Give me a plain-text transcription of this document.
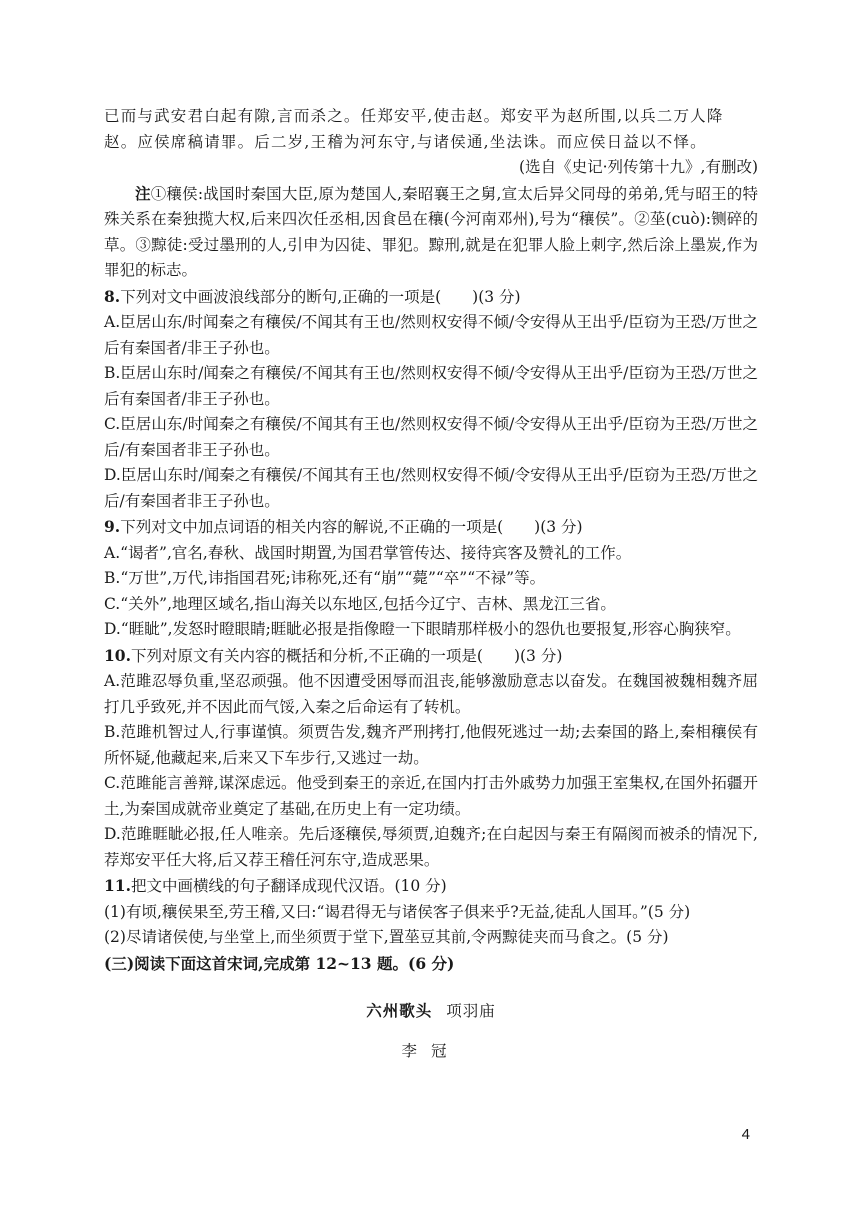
已而与武安君白起有隙,言而杀之。任郑安平,使击赵。郑安平为赵所围,以兵二万人降

赵。应侯席稿请罪。后二岁,王稽为河东守,与诸侯通,坐法诛。而应侯日益以不怿。

(选自《史记·列传第十九》,有删改)

注①穰侯:战国时秦国大臣,原为楚国人,秦昭襄王之舅,宣太后异父同母的弟弟,凭与昭王的特殊关系在秦独揽大权,后来四次任丞相,因食邑在穰(今河南邓州),号为“穰侯”。②莝(cuò):铡碎的草。③黥徒:受过墨刑的人,引申为囚徒、罪犯。黥刑,就是在犯罪人脸上刺字,然后涂上墨炭,作为罪犯的标志。

8.下列对文中画波浪线部分的断句,正确的一项是(　　)(3 分)

A.臣居山东/时闻秦之有穰侯/不闻其有王也/然则权安得不倾/令安得从王出乎/臣窃为王恐/万世之后有秦国者/非王子孙也。

B.臣居山东时/闻秦之有穰侯/不闻其有王也/然则权安得不倾/令安得从王出乎/臣窃为王恐/万世之后有秦国者/非王子孙也。

C.臣居山东/时闻秦之有穰侯/不闻其有王也/然则权安得不倾/令安得从王出乎/臣窃为王恐/万世之后/有秦国者非王子孙也。

D.臣居山东时/闻秦之有穰侯/不闻其有王也/然则权安得不倾/令安得从王出乎/臣窃为王恐/万世之后/有秦国者非王子孙也。

9.下列对文中加点词语的相关内容的解说,不正确的一项是(　　)(3 分)

A.“谒者”,官名,春秋、战国时期置,为国君掌管传达、接待宾客及赞礼的工作。

B.“万世”,万代,讳指国君死;讳称死,还有“崩”“薨”“卒”“不禄”等。

C.“关外”,地理区域名,指山海关以东地区,包括今辽宁、吉林、黑龙江三省。

D.“睚眦”,发怒时瞪眼睛;睚眦必报是指像瞪一下眼睛那样极小的怨仇也要报复,形容心胸狭窄。

10.下列对原文有关内容的概括和分析,不正确的一项是(　　)(3 分)

A.范雎忍辱负重,坚忍顽强。他不因遭受困辱而沮丧,能够激励意志以奋发。在魏国被魏相魏齐屈打几乎致死,并不因此而气馁,入秦之后命运有了转机。

B.范雎机智过人,行事谨慎。须贾告发,魏齐严刑拷打,他假死逃过一劫;去秦国的路上,秦相穰侯有所怀疑,他藏起来,后来又下车步行,又逃过一劫。

C.范雎能言善辩,谋深虑远。他受到秦王的亲近,在国内打击外戚势力加强王室集权,在国外拓疆开土,为秦国成就帝业奠定了基础,在历史上有一定功绩。

D.范雎睚眦必报,任人唯亲。先后逐穰侯,辱须贾,迫魏齐;在白起因与秦王有隔阂而被杀的情况下,荐郑安平任大将,后又荐王稽任河东守,造成恶果。

11.把文中画横线的句子翻译成现代汉语。(10 分)

(1)有顷,穰侯果至,劳王稽,又曰:“谒君得无与诸侯客子俱来乎?无益,徒乱人国耳。”(5 分)

(2)尽请诸侯使,与坐堂上,而坐须贾于堂下,置莝豆其前,令两黥徒夹而马食之。(5 分)

(三)阅读下面这首宋词,完成第 12~13 题。(6 分)

六州歌头 项羽庙

李冠

4
